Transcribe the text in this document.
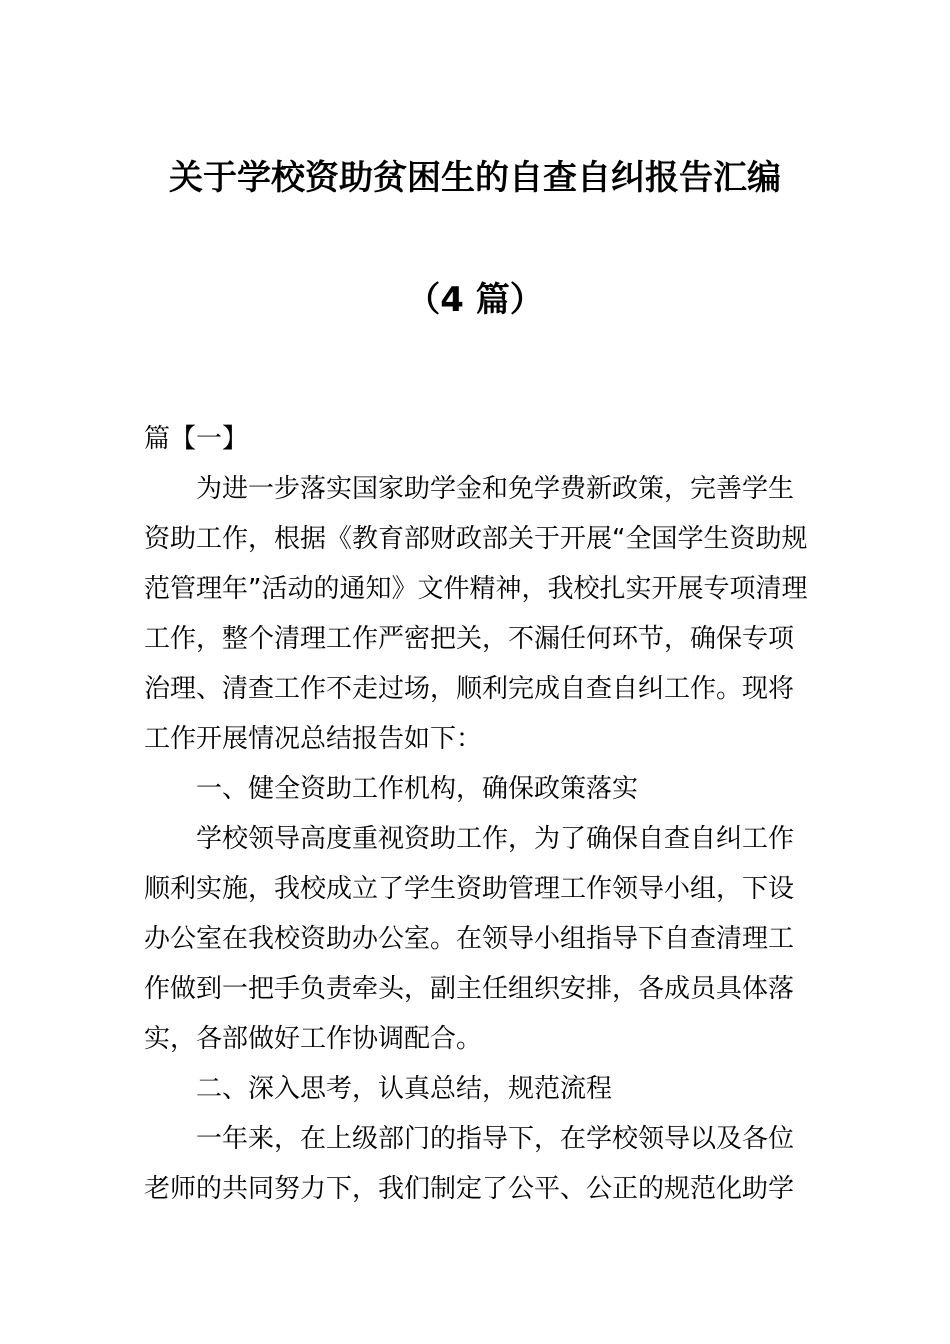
关于学校资助贫困生的自查自纠报告汇编
（4 篇）
篇【一】
为进一步落实国家助学金和免学费新政策，完善学生
资助工作，根据《教育部财政部关于开展“全国学生资助规
范管理年”活动的通知》文件精神，我校扎实开展专项清理
工作，整个清理工作严密把关，不漏任何环节，确保专项
治理、清查工作不走过场，顺利完成自查自纠工作。现将
工作开展情况总结报告如下：
一、健全资助工作机构，确保政策落实
学校领导高度重视资助工作，为了确保自查自纠工作
顺利实施，我校成立了学生资助管理工作领导小组，下设
办公室在我校资助办公室。在领导小组指导下自查清理工
作做到一把手负责牵头，副主任组织安排，各成员具体落
实，各部做好工作协调配合。
二、深入思考，认真总结，规范流程
一年来，在上级部门的指导下，在学校领导以及各位
老师的共同努力下，我们制定了公平、公正的规范化助学
